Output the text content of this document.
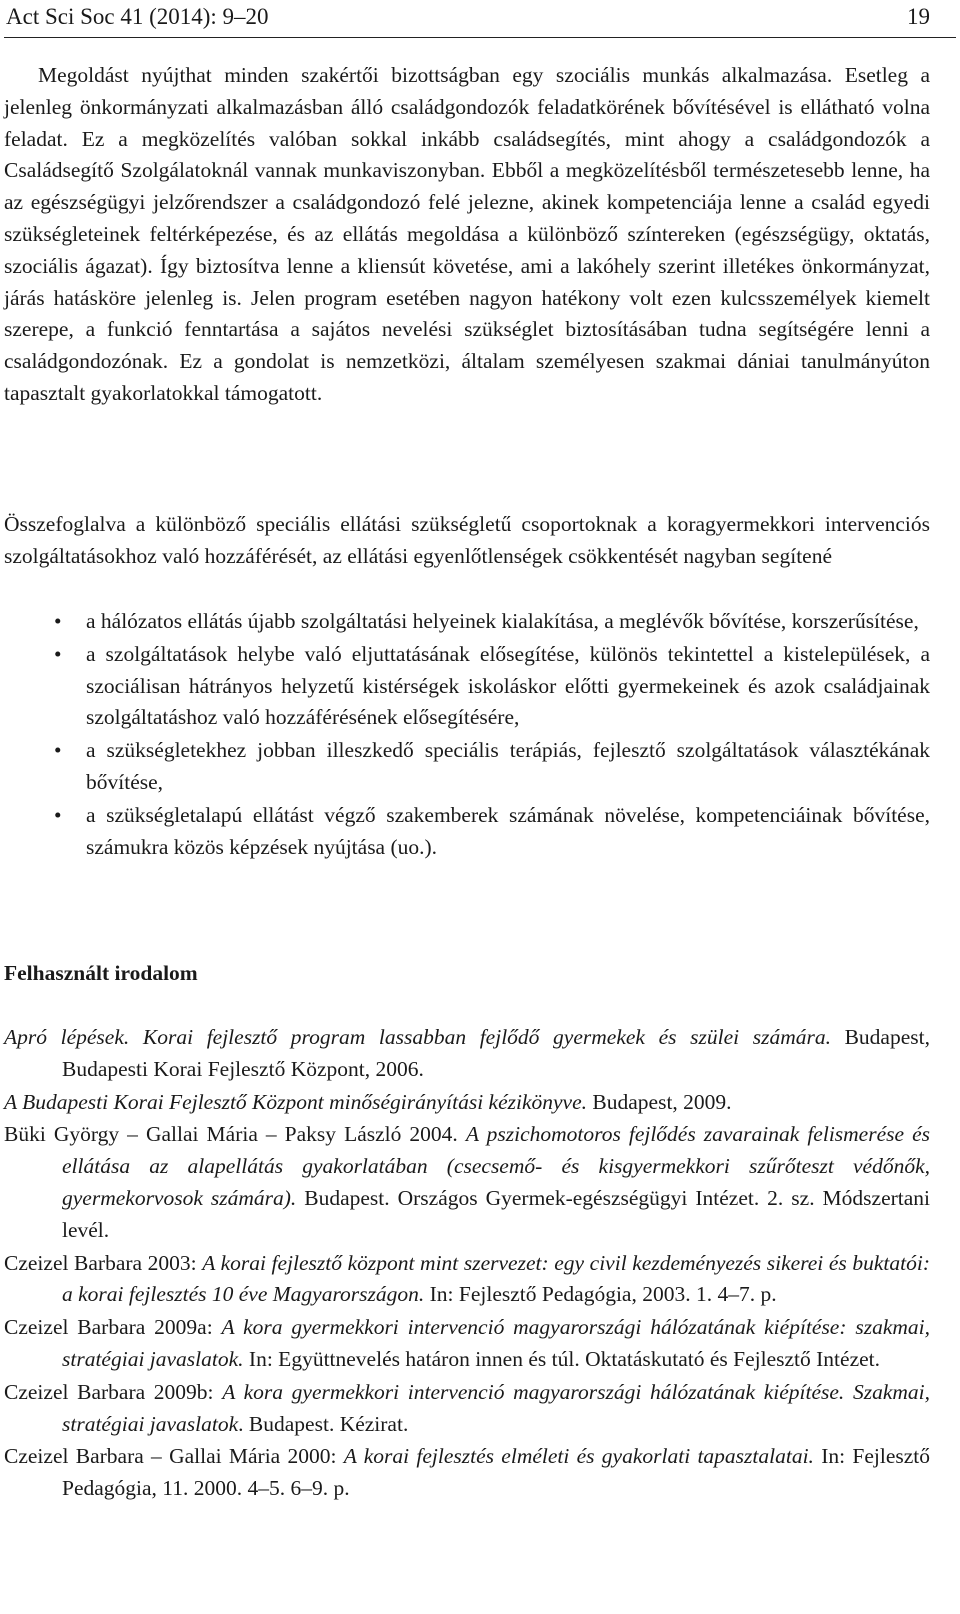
Act Sci Soc 41 (2014): 9–20	19
Megoldást nyújthat minden szakértői bizottságban egy szociális munkás alkalmazása. Esetleg a jelenleg önkormányzati alkalmazásban álló családgondozók feladatkörének bővítésével is ellátható volna feladat. Ez a megközelítés valóban sokkal inkább családsegítés, mint ahogy a családgondozók a Családsegítő Szolgálatoknál vannak munkaviszonyban. Ebből a megközelítésből természetesebb lenne, ha az egészségügyi jelzőrendszer a családgondozó felé jelezne, akinek kompetenciája lenne a család egyedi szükségleteinek feltérképezése, és az ellátás megoldása a különböző színtereken (egészségügy, oktatás, szociális ágazat). Így biztosítva lenne a kliensút követése, ami a lakóhely szerint illetékes önkormányzat, járás hatásköre jelenleg is. Jelen program esetében nagyon hatékony volt ezen kulcsszemélyek kiemelt szerepe, a funkció fenntartása a sajátos nevelési szükséglet biztosításában tudna segítségére lenni a családgondozónak. Ez a gondolat is nemzetközi, általam személyesen szakmai dániai tanulmányúton tapasztalt gyakorlatokkal támogatott.
Összefoglalva a különböző speciális ellátási szükségletű csoportoknak a koragyermekkori intervenciós szolgáltatásokhoz való hozzáférését, az ellátási egyenlőtlenségek csökkentését nagyban segítené
• a hálózatos ellátás újabb szolgáltatási helyeinek kialakítása, a meglévők bővítése, korszerűsítése,
• a szolgáltatások helybe való eljuttatásának elősegítése, különös tekintettel a kistelepülések, a szociálisan hátrányos helyzetű kistérségek iskoláskor előtti gyermekeinek és azok családjainak szolgáltatáshoz való hozzáférésének elősegítésére,
• a szükségletekhez jobban illeszkedő speciális terápiás, fejlesztő szolgáltatások választékának bővítése,
• a szükségletalapú ellátást végző szakemberek számának növelése, kompetenciáinak bővítése, számukra közös képzések nyújtása (uo.).
Felhasznált irodalom
Apró lépések. Korai fejlesztő program lassabban fejlődő gyermekek és szülei számára. Budapest, Budapesti Korai Fejlesztő Központ, 2006.
A Budapesti Korai Fejlesztő Központ minőségirányítási kézikönyve. Budapest, 2009.
Büki György – Gallai Mária – Paksy László 2004. A pszichomotoros fejlődés zavarainak felismerése és ellátása az alapellátás gyakorlatában (csecsemő- és kisgyermekkori szűrőteszt védőnők, gyermekorvosok számára). Budapest. Országos Gyermek-egészségügyi Intézet. 2. sz. Módszertani levél.
Czeizel Barbara 2003: A korai fejlesztő központ mint szervezet: egy civil kezdeményezés sikerei és buktatói: a korai fejlesztés 10 éve Magyarországon. In: Fejlesztő Pedagógia, 2003. 1. 4–7. p.
Czeizel Barbara 2009a: A kora gyermekkori intervenció magyarországi hálózatának kiépítése: szakmai, stratégiai javaslatok. In: Együttnevelés határon innen és túl. Oktatáskutató és Fejlesztő Intézet.
Czeizel Barbara 2009b: A kora gyermekkori intervenció magyarországi hálózatának kiépítése. Szakmai, stratégiai javaslatok. Budapest. Kézirat.
Czeizel Barbara – Gallai Mária 2000: A korai fejlesztés elméleti és gyakorlati tapasztalatai. In: Fejlesztő Pedagógia, 11. 2000. 4–5. 6–9. p.
